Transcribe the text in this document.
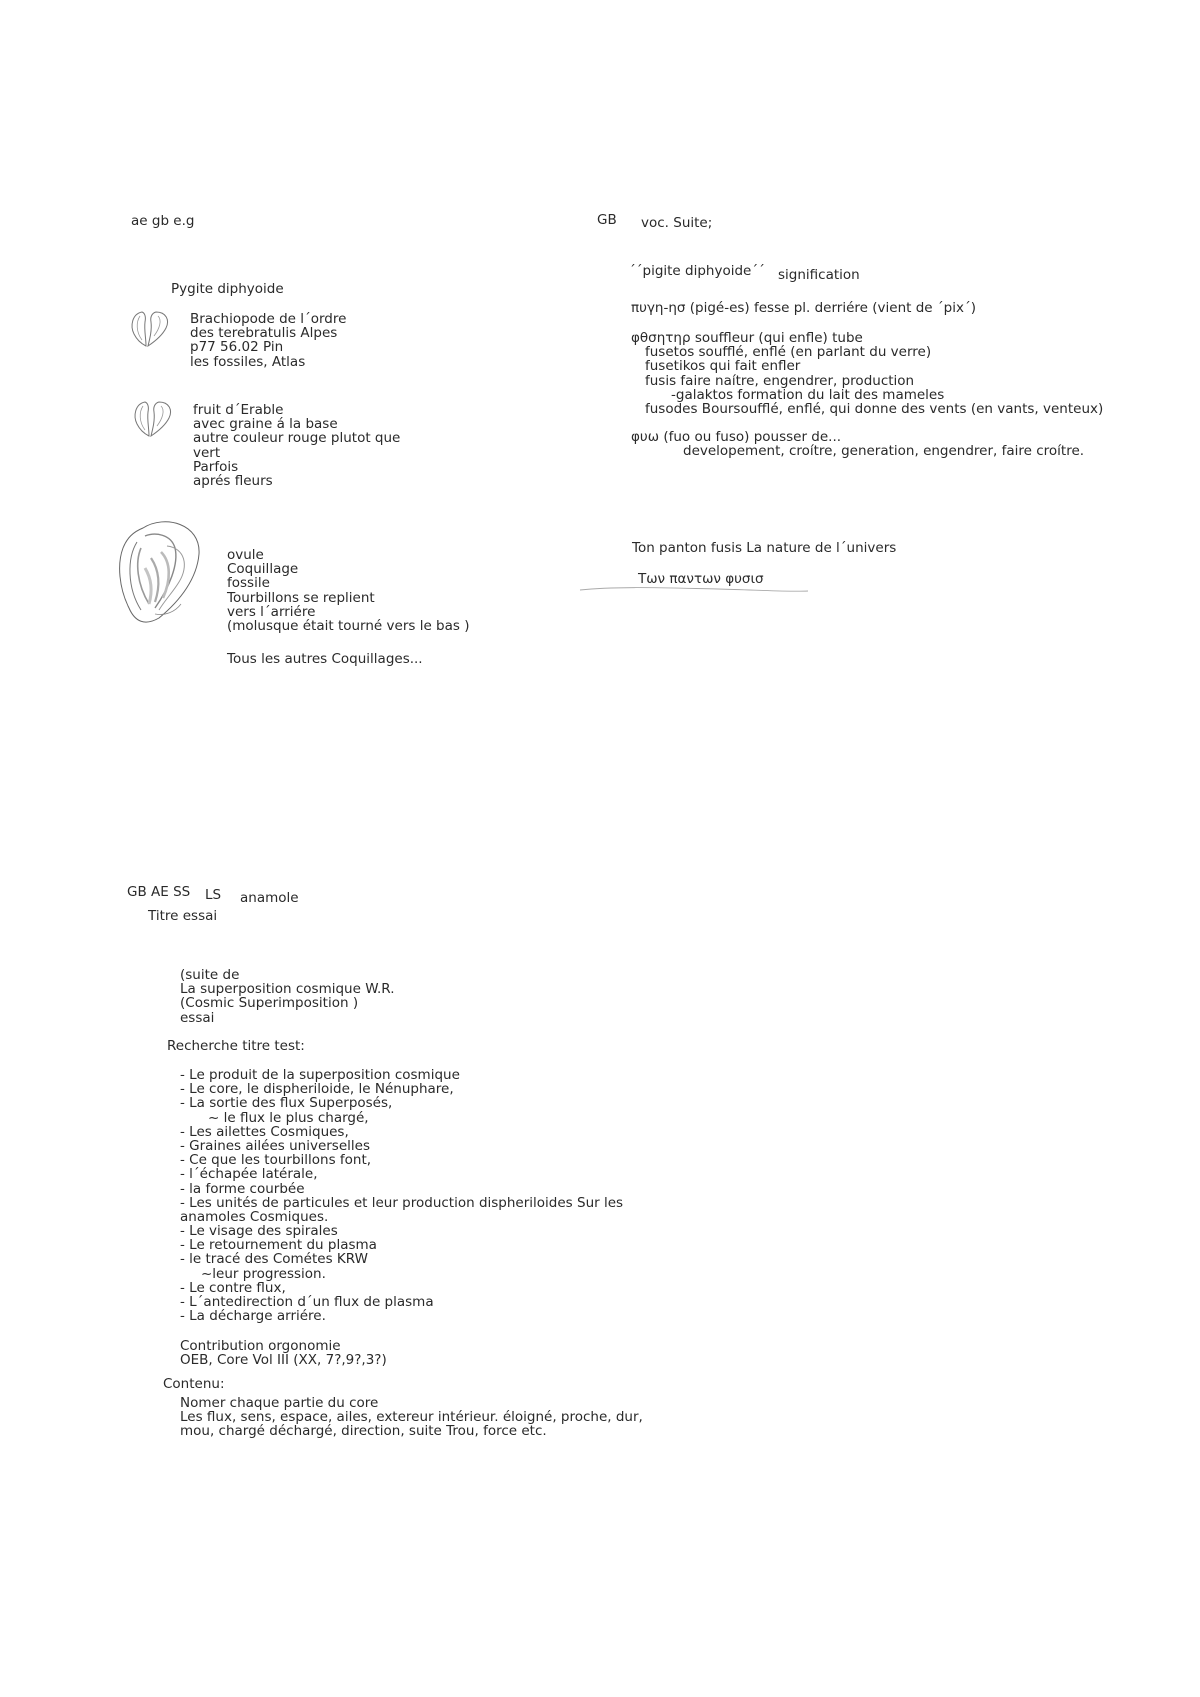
ae gb e.g
Pygite diphyoide
Brachiopode de l´ordre
des terebratulis Alpes
p77 56.02 Pin
les fossiles, Atlas
fruit d´Erable
avec graine á la base
autre couleur rouge plutot que
vert
Parfois
aprés fleurs
ovule
Coquillage
fossile
Tourbillons se replient
vers l´arriére
(molusque était tourné vers le bas )
Tous les autres Coquillages...
GB voc. Suite;
´´pigite diphyoide´´ signification
πυγη-ησ (pigé-es) fesse pl. derriére (vient de ´pix´)
φθσητηρ souffleur (qui enfle) tube
fusetos soufflé, enflé (en parlant du verre)
fusetikos qui fait enfler
fusis faire naítre, engendrer, production
-galaktos formation du lait des mameles
fusodes Boursoufflé, enflé, qui donne des vents (en vants, venteux)
φυω (fuo ou fuso) pousser de...
developement, croítre, generation, engendrer, faire croítre.
Ton panton fusis La nature de l´univers
Των παντων φυσισ
GB AE SS LS anamole
Titre essai
(suite de
La superposition cosmique W.R.
(Cosmic Superimposition )
essai
Recherche titre test:
- Le produit de la superposition cosmique
- Le core, le dispheriloide, le Nénuphare,
- La sortie des flux Superposés,
~ le flux le plus chargé,
- Les ailettes Cosmiques,
- Graines ailées universelles
- Ce que les tourbillons font,
- l´échapée latérale,
- la forme courbée
- Les unités de particules et leur production dispheriloides Sur les
anamoles Cosmiques.
- Le visage des spirales
- Le retournement du plasma
- le tracé des Cométes KRW
~leur progression.
- Le contre flux,
- L´antedirection d´un flux de plasma
- La décharge arriére.
Contribution orgonomie
OEB, Core Vol III (XX, 7?,9?,3?)
Contenu:
Nomer chaque partie du core
Les flux, sens, espace, ailes, extereur intérieur. éloigné, proche, dur,
mou, chargé déchargé, direction, suite Trou, force etc.
